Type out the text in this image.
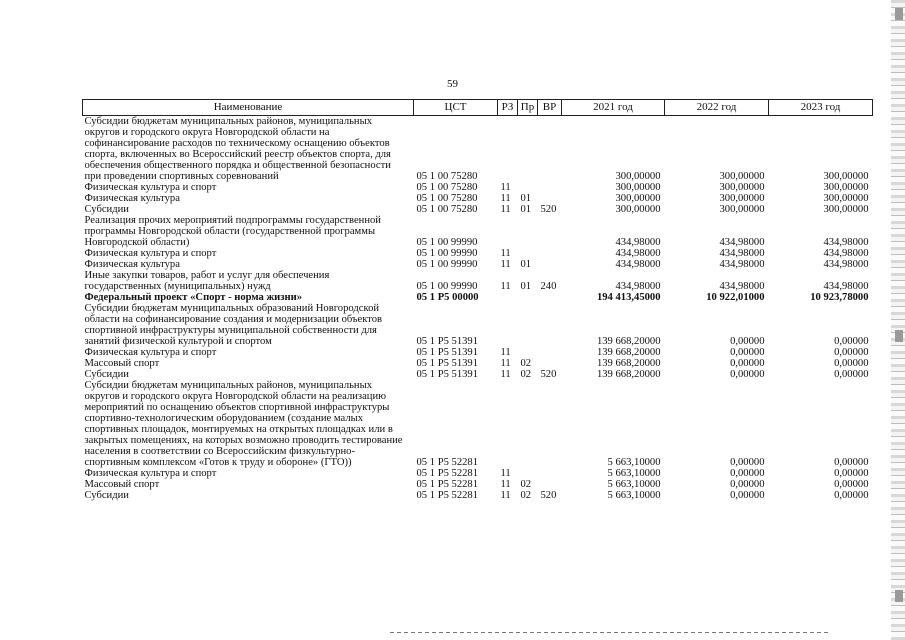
59
Наименование	ЦСТ	РЗ	Пр	ВР	2021 год	2022 год	2023 год
Субсидии бюджетам муниципальных районов, муниципальных округов и городского округа Новгородской области на софинансирование расходов по техническому оснащению объектов спорта, включенных во Всероссийский реестр объектов спорта, для обеспечения общественного порядка и общественной безопасности при проведении спортивных соревнований	05 1 00 75280				300,00000	300,00000	300,00000
Физическая культура и спорт	05 1 00 75280	11			300,00000	300,00000	300,00000
Физическая культура	05 1 00 75280	11	01		300,00000	300,00000	300,00000
Субсидии	05 1 00 75280	11	01	520	300,00000	300,00000	300,00000
Реализация прочих мероприятий подпрограммы государственной программы Новгородской области (государственной программы Новгородской области)	05 1 00 99990				434,98000	434,98000	434,98000
Физическая культура и спорт	05 1 00 99990	11			434,98000	434,98000	434,98000
Физическая культура	05 1 00 99990	11	01		434,98000	434,98000	434,98000
Иные закупки товаров, работ и услуг для обеспечения государственных (муниципальных) нужд	05 1 00 99990	11	01	240	434,98000	434,98000	434,98000
Федеральный проект «Спорт - норма жизни»	05 1 P5 00000				194 413,45000	10 922,01000	10 923,78000
Субсидии бюджетам муниципальных образований Новгородской области на софинансирование создания и модернизации объектов спортивной инфраструктуры муниципальной собственности для занятий физической культурой и спортом	05 1 P5 51391				139 668,20000	0,00000	0,00000
Физическая культура и спорт	05 1 P5 51391	11			139 668,20000	0,00000	0,00000
Массовый спорт	05 1 P5 51391	11	02		139 668,20000	0,00000	0,00000
Субсидии	05 1 P5 51391	11	02	520	139 668,20000	0,00000	0,00000
Субсидии бюджетам муниципальных районов, муниципальных округов и городского округа Новгородской области на реализацию мероприятий по оснащению объектов спортивной инфраструктуры спортивно-технологическим оборудованием (создание малых спортивных площадок, монтируемых на открытых площадках или в закрытых помещениях, на которых возможно проводить тестирование населения в соответствии со Всероссийским физкультурно-спортивным комплексом «Готов к труду и обороне» (ГТО))	05 1 P5 52281				5 663,10000	0,00000	0,00000
Физическая культура и спорт	05 1 P5 52281	11			5 663,10000	0,00000	0,00000
Массовый спорт	05 1 P5 52281	11	02		5 663,10000	0,00000	0,00000
Субсидии	05 1 P5 52281	11	02	520	5 663,10000	0,00000	0,00000
